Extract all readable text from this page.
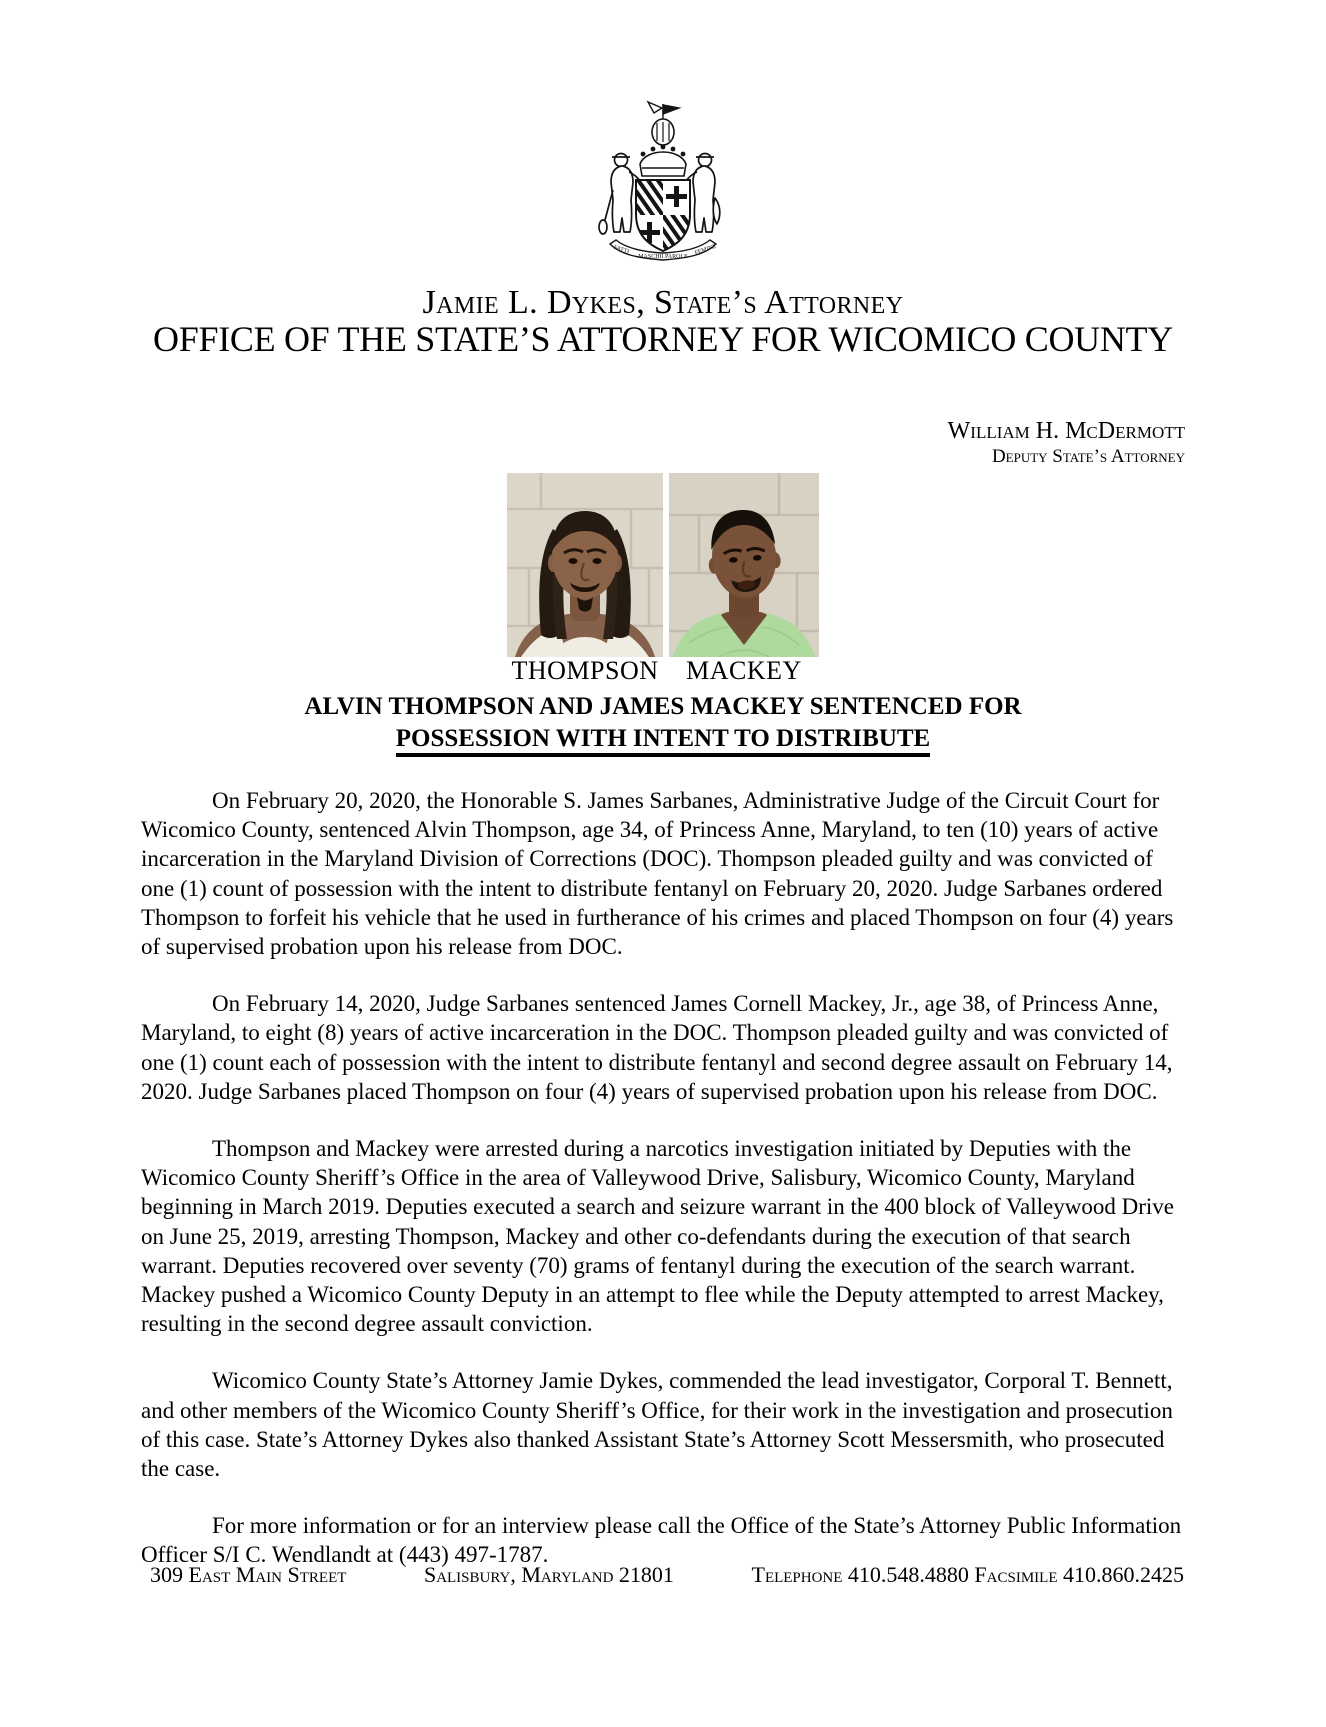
FATTI
MASCHII PAROLE
FEMINE
Jamie L. Dykes, State’s Attorney
OFFICE OF THE STATE’S ATTORNEY FOR WICOMICO COUNTY
William H. McDermott
Deputy State’s Attorney
THOMPSON	MACKEY
ALVIN THOMPSON AND JAMES MACKEY SENTENCED FOR
POSSESSION WITH INTENT TO DISTRIBUTE

On February 20, 2020, the Honorable S. James Sarbanes, Administrative Judge of the Circuit Court for Wicomico County, sentenced Alvin Thompson, age 34, of Princess Anne, Maryland, to ten (10) years of active incarceration in the Maryland Division of Corrections (DOC). Thompson pleaded guilty and was convicted of one (1) count of possession with the intent to distribute fentanyl on February 20, 2020. Judge Sarbanes ordered Thompson to forfeit his vehicle that he used in furtherance of his crimes and placed Thompson on four (4) years of supervised probation upon his release from DOC.

On February 14, 2020, Judge Sarbanes sentenced James Cornell Mackey, Jr., age 38, of Princess Anne, Maryland, to eight (8) years of active incarceration in the DOC. Thompson pleaded guilty and was convicted of one (1) count each of possession with the intent to distribute fentanyl and second degree assault on February 14, 2020. Judge Sarbanes placed Thompson on four (4) years of supervised probation upon his release from DOC.

Thompson and Mackey were arrested during a narcotics investigation initiated by Deputies with the Wicomico County Sheriff’s Office in the area of Valleywood Drive, Salisbury, Wicomico County, Maryland beginning in March 2019. Deputies executed a search and seizure warrant in the 400 block of Valleywood Drive on June 25, 2019, arresting Thompson, Mackey and other co-defendants during the execution of that search warrant. Deputies recovered over seventy (70) grams of fentanyl during the execution of the search warrant. Mackey pushed a Wicomico County Deputy in an attempt to flee while the Deputy attempted to arrest Mackey, resulting in the second degree assault conviction.

Wicomico County State’s Attorney Jamie Dykes, commended the lead investigator, Corporal T. Bennett, and other members of the Wicomico County Sheriff’s Office, for their work in the investigation and prosecution of this case. State’s Attorney Dykes also thanked Assistant State’s Attorney Scott Messersmith, who prosecuted the case.

For more information or for an interview please call the Office of the State’s Attorney Public Information Officer S/I C. Wendlandt at (443) 497-1787.

309 East Main Street	Salisbury, Maryland 21801	Telephone 410.548.4880 Facsimile 410.860.2425
